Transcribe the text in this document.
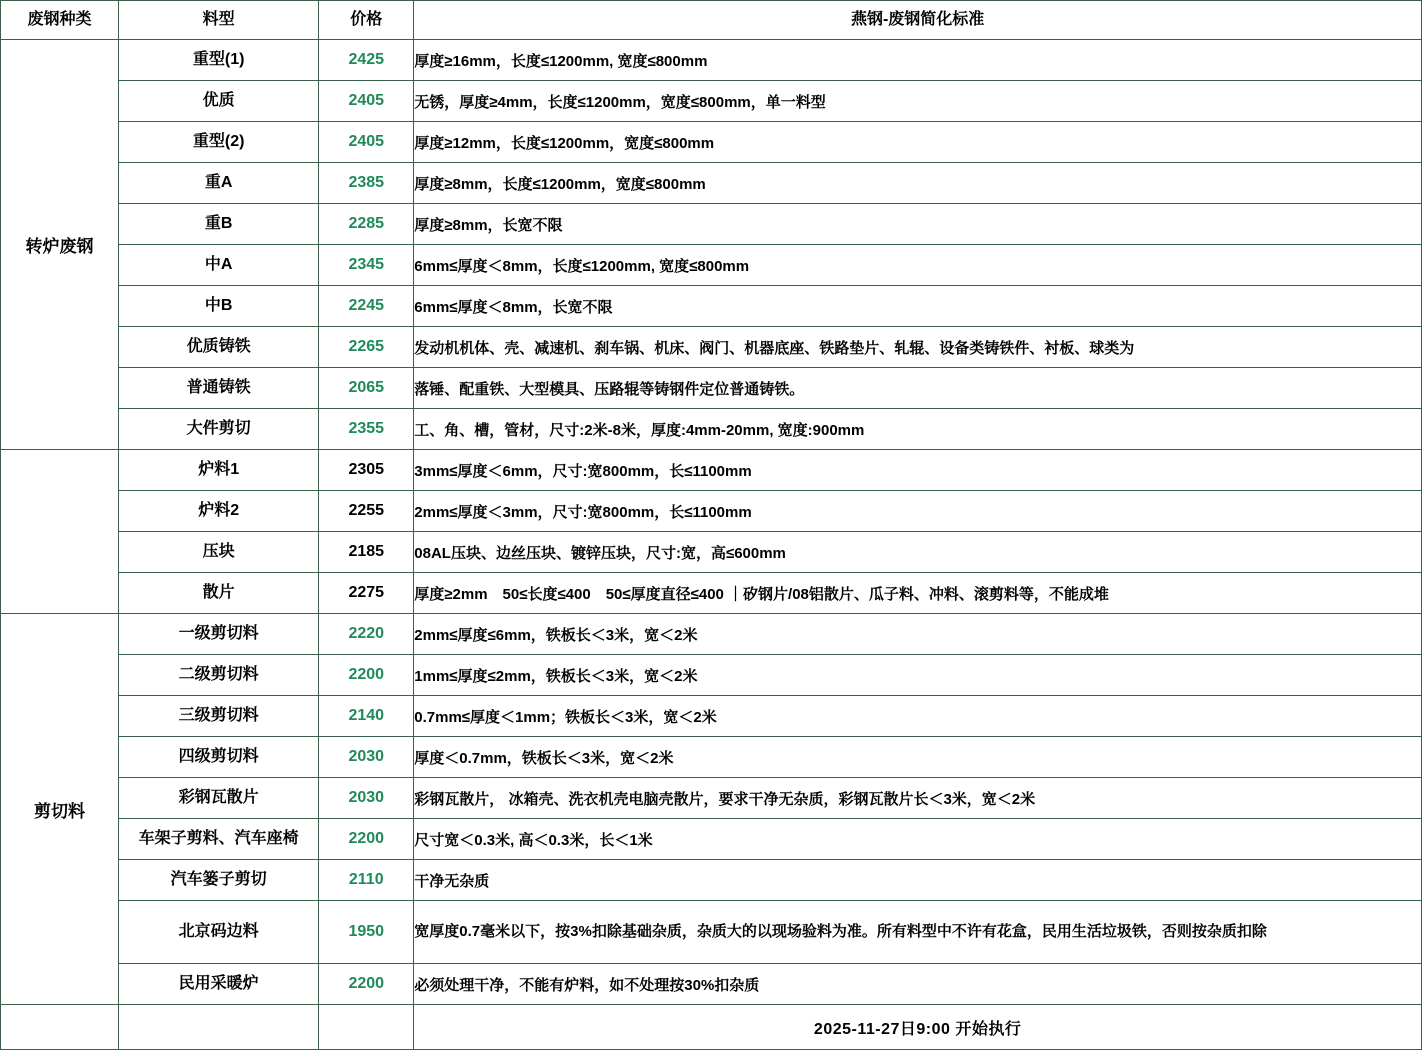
废钢种类	料型	价格	燕钢-废钢简化标准
转炉废钢	重型(1)	2425	厚度≥16mm，长度≤1200mm, 宽度≤800mm
	优质	2405	无锈，厚度≥4mm，长度≤1200mm，宽度≤800mm，单一料型
	重型(2)	2405	厚度≥12mm，长度≤1200mm，宽度≤800mm
	重A	2385	厚度≥8mm，长度≤1200mm，宽度≤800mm
	重B	2285	厚度≥8mm，长宽不限
	中A	2345	6mm≤厚度＜8mm，长度≤1200mm, 宽度≤800mm
	中B	2245	6mm≤厚度＜8mm，长宽不限
	优质铸铁	2265	发动机机体、壳、减速机、刹车锅、机床、阀门、机器底座、铁路垫片、轧辊、设备类铸铁件、衬板、球类为
	普通铸铁	2065	落锤、配重铁、大型模具、压路辊等铸钢件定位普通铸铁。
	大件剪切	2355	工、角、槽，管材，尺寸:2米-8米，厚度:4mm-20mm, 宽度:900mm
	炉料1	2305	3mm≤厚度＜6mm，尺寸:宽800mm，长≤1100mm
	炉料2	2255	2mm≤厚度＜3mm，尺寸:宽800mm，长≤1100mm
	压块	2185	08AL压块、边丝压块、镀锌压块，尺寸:宽，高≤600mm
	散片	2275	厚度≥2mm　50≤长度≤400　50≤厚度直径≤400 ｜矽钢片/08铝散片、瓜子料、冲料、滚剪料等，不能成堆
剪切料	一级剪切料	2220	2mm≤厚度≤6mm，铁板长＜3米，宽＜2米
	二级剪切料	2200	1mm≤厚度≤2mm，铁板长＜3米，宽＜2米
	三级剪切料	2140	0.7mm≤厚度＜1mm；铁板长＜3米，宽＜2米
	四级剪切料	2030	厚度＜0.7mm，铁板长＜3米，宽＜2米
	彩钢瓦散片	2030	彩钢瓦散片， 冰箱壳、洗衣机壳电脑壳散片，要求干净无杂质，彩钢瓦散片长＜3米，宽＜2米
	车架子剪料、汽车座椅	2200	尺寸宽＜0.3米, 高＜0.3米，长＜1米
	汽车篓子剪切	2110	干净无杂质
	北京码边料	1950	宽厚度0.7毫米以下，按3%扣除基础杂质，杂质大的以现场验料为准。所有料型中不许有花盒，民用生活垃圾铁，否则按杂质扣除
	民用采暖炉	2200	必须处理干净，不能有炉料，如不处理按30%扣杂质
			2025-11-27日9:00 开始执行
